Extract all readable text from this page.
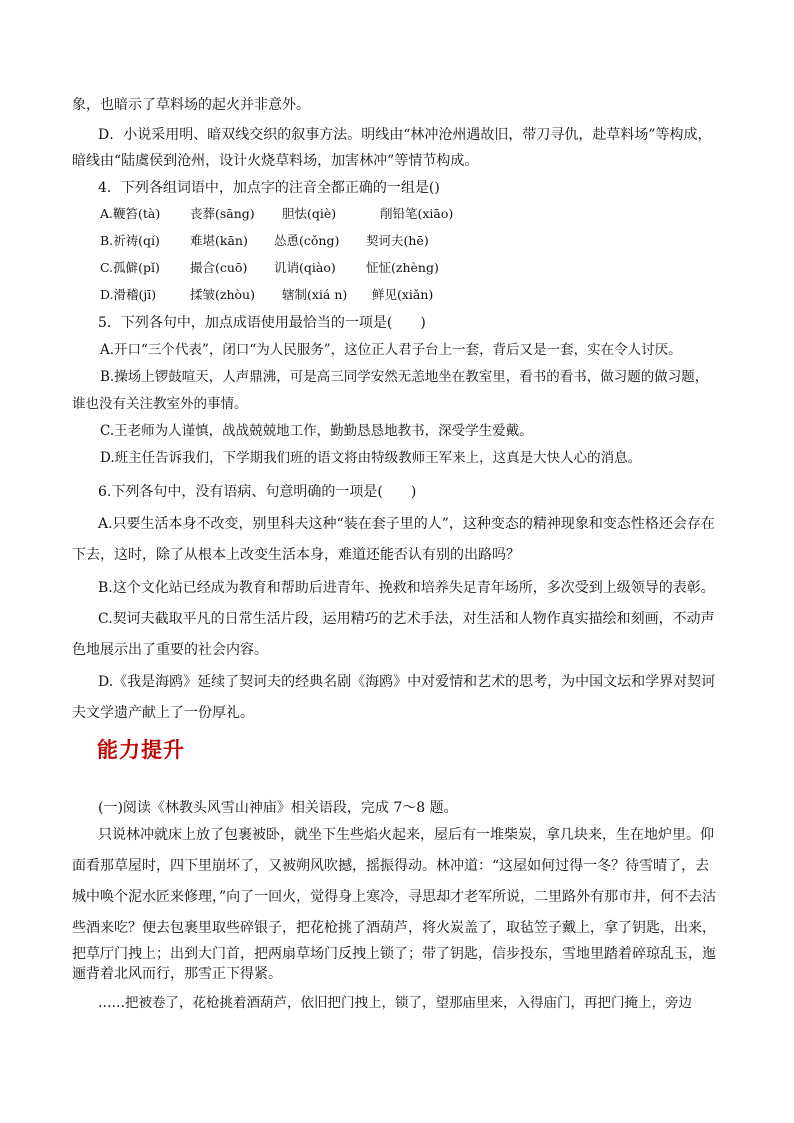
象，也暗示了草料场的起火并非意外。
D．小说采用明、暗双线交织的叙事方法。明线由“林冲沧州遇故旧，带刀寻仇，赴草料场”等构成，
暗线由“陆虞侯到沧州，设计火烧草料场，加害林冲”等情节构成。
4．下列各组词语中，加点字的注音全都正确的一组是()
A.鞭笞(tà) 丧葬(sāng) 胆怯(qiè)	削铅笔(xiāo)
B.祈祷(qí) 难堪(kān) 怂恿(cǒng) 契诃夫(hē)
C.孤僻(pǐ) 撮合(cuō) 讥诮(qiào) 怔怔(zhèng)
D.滑稽(jī)	揉皱(zhòu) 辖制(xiá n) 鲜见(xiǎn)
5．下列各句中，加点成语使用最恰当的一项是(　　)
A.开口“三个代表”，闭口“为人民服务”，这位正人君子台上一套，背后又是一套，实在令人讨厌。
B.操场上锣鼓喧天，人声鼎沸，可是高三同学安然无恙地坐在教室里，看书的看书，做习题的做习题，
谁也没有关注教室外的事情。
C.王老师为人谨慎，战战兢兢地工作，勤勤恳恳地教书，深受学生爱戴。
D.班主任告诉我们，下学期我们班的语文将由特级教师王军来上，这真是大快人心的消息。
6.下列各句中，没有语病、句意明确的一项是(　　)
A.只要生活本身不改变，别里科夫这种“装在套子里的人”，这种变态的精神现象和变态性格还会存在
下去，这时，除了从根本上改变生活本身，难道还能否认有别的出路吗？
B.这个文化站已经成为教育和帮助后进青年、挽救和培养失足青年场所，多次受到上级领导的表彰。
C.契诃夫截取平凡的日常生活片段，运用精巧的艺术手法，对生活和人物作真实描绘和刻画，不动声
色地展示出了重要的社会内容。
D.《我是海鸥》延续了契诃夫的经典名剧《海鸥》中对爱情和艺术的思考，为中国文坛和学界对契诃
夫文学遗产献上了一份厚礼。
能力提升
(一)阅读《林教头风雪山神庙》相关语段，完成 7～8 题。
只说林冲就床上放了包裹被卧，就坐下生些焰火起来，屋后有一堆柴炭，拿几块来，生在地炉里。仰
面看那草屋时，四下里崩坏了，又被朔风吹撼，摇振得动。林冲道：“这屋如何过得一冬？待雪晴了，去
城中唤个泥水匠来修理，”向了一回火，觉得身上寒冷，寻思却才老军所说，二里路外有那市井，何不去沽
些酒来吃？便去包裹里取些碎银子，把花枪挑了酒葫芦，将火炭盖了，取毡笠子戴上，拿了钥匙，出来，
把草厅门拽上；出到大门首，把两扇草场门反拽上锁了；带了钥匙，信步投东，雪地里踏着碎琼乱玉，迤
逦背着北风而行，那雪正下得紧。
……把被卷了，花枪挑着酒葫芦，依旧把门拽上，锁了，望那庙里来，入得庙门，再把门掩上，旁边
